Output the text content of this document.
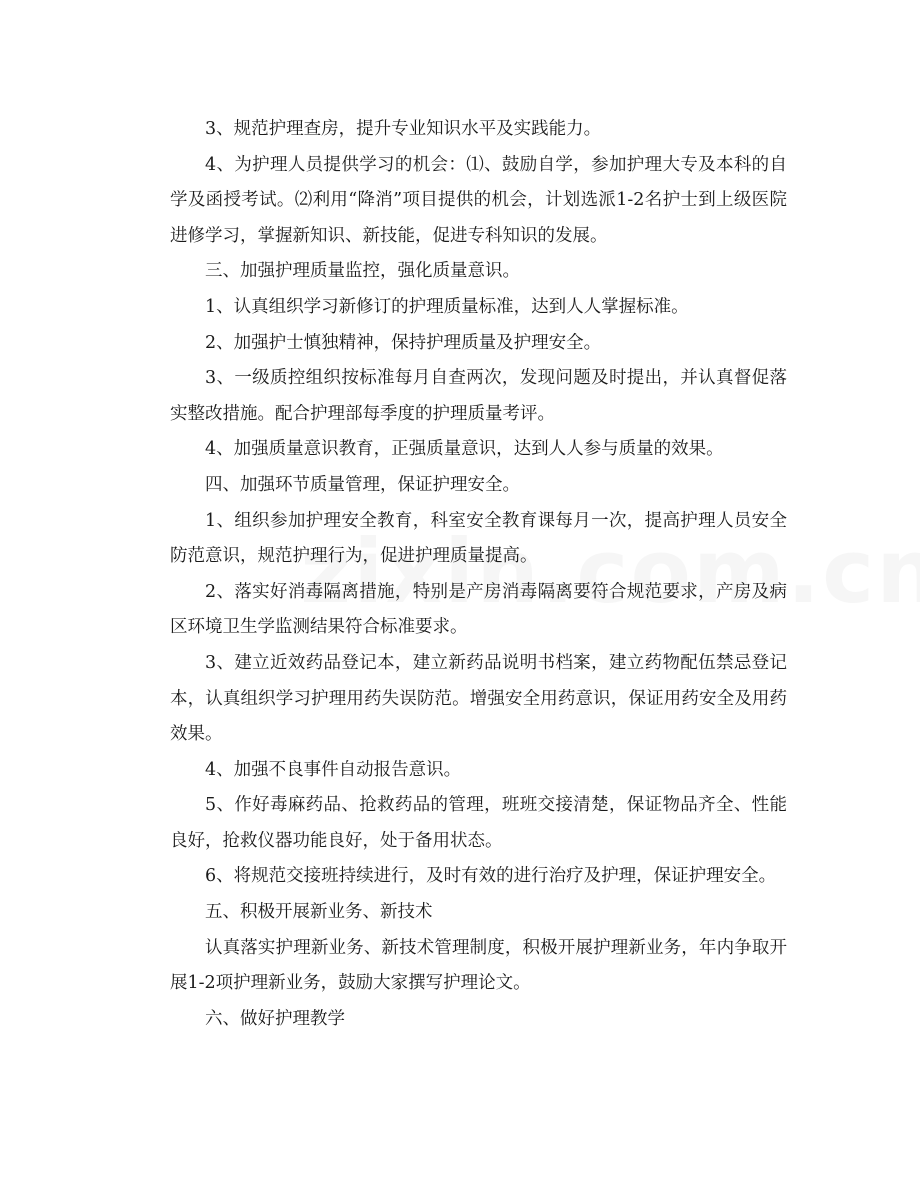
3、规范护理查房，提升专业知识水平及实践能力。

4、为护理人员提供学习的机会：⑴、鼓励自学，参加护理大专及本科的自学及函授考试。⑵利用“降消”项目提供的机会，计划选派1-2名护士到上级医院进修学习，掌握新知识、新技能，促进专科知识的发展。

三、加强护理质量监控，强化质量意识。

1、认真组织学习新修订的护理质量标准，达到人人掌握标准。

2、加强护士慎独精神，保持护理质量及护理安全。

3、一级质控组织按标准每月自查两次，发现问题及时提出，并认真督促落实整改措施。配合护理部每季度的护理质量考评。

4、加强质量意识教育，正强质量意识，达到人人参与质量的效果。

四、加强环节质量管理，保证护理安全。

1、组织参加护理安全教育，科室安全教育课每月一次，提高护理人员安全防范意识，规范护理行为，促进护理质量提高。

2、落实好消毒隔离措施，特别是产房消毒隔离要符合规范要求，产房及病区环境卫生学监测结果符合标准要求。

3、建立近效药品登记本，建立新药品说明书档案，建立药物配伍禁忌登记本，认真组织学习护理用药失误防范。增强安全用药意识，保证用药安全及用药效果。

4、加强不良事件自动报告意识。

5、作好毒麻药品、抢救药品的管理，班班交接清楚，保证物品齐全、性能良好，抢救仪器功能良好，处于备用状态。

6、将规范交接班持续进行，及时有效的进行治疗及护理，保证护理安全。

五、积极开展新业务、新技术

认真落实护理新业务、新技术管理制度，积极开展护理新业务，年内争取开展1-2项护理新业务，鼓励大家撰写护理论文。

六、做好护理教学
